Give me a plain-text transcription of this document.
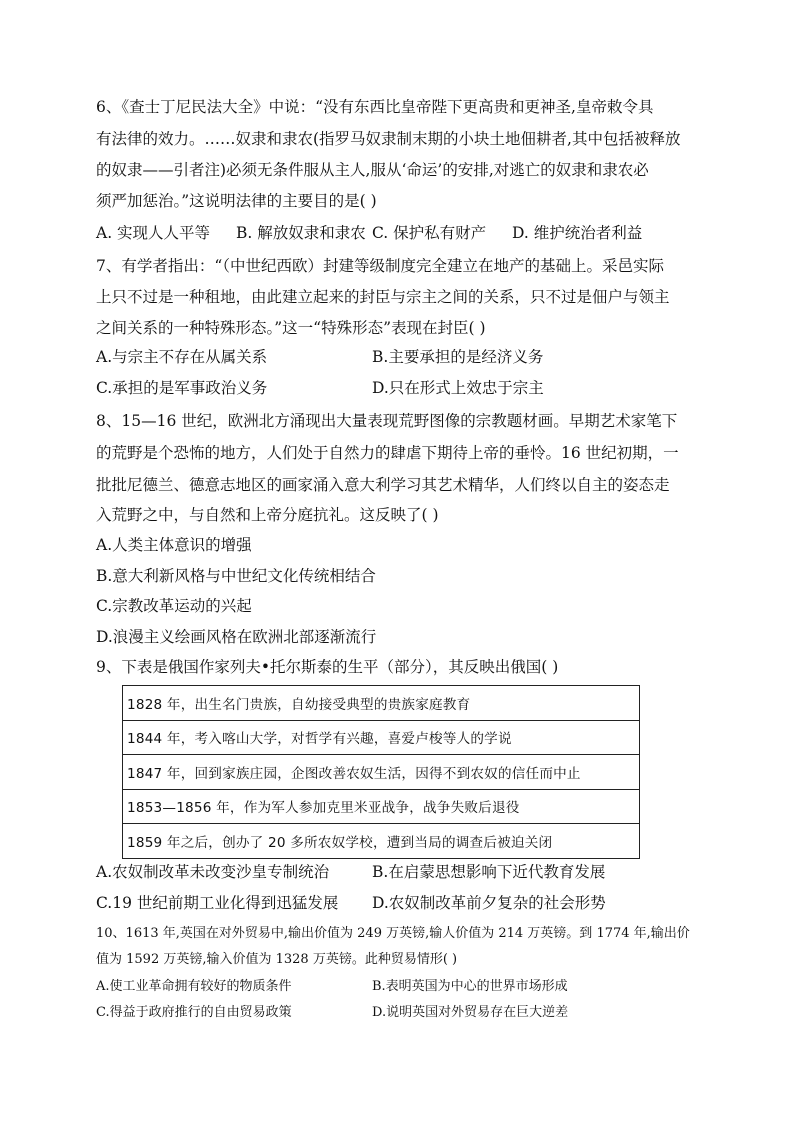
6、《查士丁尼民法大全》中说：“没有东西比皇帝陛下更高贵和更神圣,皇帝敕令具
有法律的效力。……奴隶和隶农(指罗马奴隶制末期的小块土地佃耕者,其中包括被释放
的奴隶——引者注)必须无条件服从主人,服从‘命运’的安排,对逃亡的奴隶和隶农必
须严加惩治。”这说明法律的主要目的是( )
A. 实现人人平等 B. 解放奴隶和隶农 C. 保护私有财产 D. 维护统治者利益
7、有学者指出：“（中世纪西欧）封建等级制度完全建立在地产的基础上。采邑实际
上只不过是一种租地，由此建立起来的封臣与宗主之间的关系，只不过是佃户与领主
之间关系的一种特殊形态。”这一“特殊形态”表现在封臣( )
A.与宗主不存在从属关系	B.主要承担的是经济义务
C.承担的是军事政治义务	D.只在形式上效忠于宗主
8、15—16 世纪，欧洲北方涌现出大量表现荒野图像的宗教题材画。早期艺术家笔下
的荒野是个恐怖的地方，人们处于自然力的肆虐下期待上帝的垂怜。16 世纪初期，一
批批尼德兰、德意志地区的画家涌入意大利学习其艺术精华，人们终以自主的姿态走
入荒野之中，与自然和上帝分庭抗礼。这反映了( )
A.人类主体意识的增强
B.意大利新风格与中世纪文化传统相结合
C.宗教改革运动的兴起
D.浪漫主义绘画风格在欧洲北部逐渐流行
9、下表是俄国作家列夫•托尔斯泰的生平（部分），其反映出俄国( )
1828 年，出生名门贵族，自幼接受典型的贵族家庭教育
1844 年，考入喀山大学，对哲学有兴趣，喜爱卢梭等人的学说
1847 年，回到家族庄园，企图改善农奴生活，因得不到农奴的信任而中止
1853—1856 年，作为军人参加克里米亚战争，战争失败后退役
1859 年之后，创办了 20 多所农奴学校，遭到当局的调查后被迫关闭
A.农奴制改革未改变沙皇专制统治	B.在启蒙思想影响下近代教育发展
C.19 世纪前期工业化得到迅猛发展 D.农奴制改革前夕复杂的社会形势
10、1613 年,英国在对外贸易中,输出价值为 249 万英镑,输人价值为 214 万英镑。到 1774 年,输出价
值为 1592 万英镑,输入价值为 1328 万英镑。此种贸易情形( )
A.使工业革命拥有较好的物质条件	B.表明英国为中心的世界市场形成
C.得益于政府推行的自由贸易政策	D.说明英国对外贸易存在巨大逆差
